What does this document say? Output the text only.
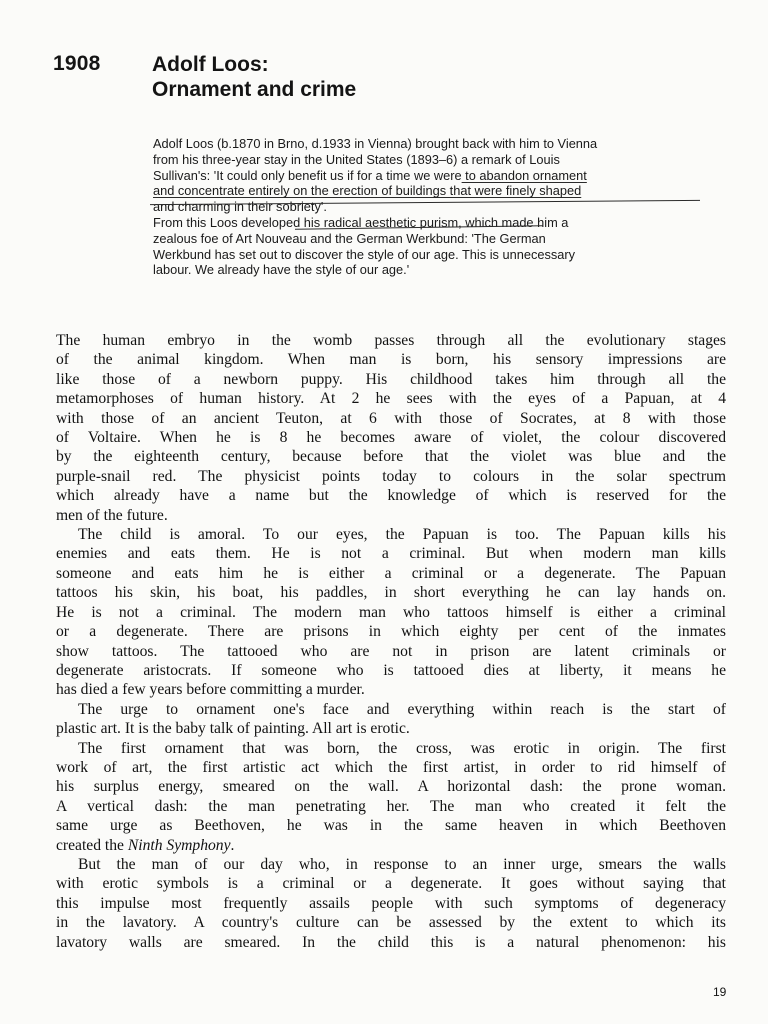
1908 Adolf Loos:
Ornament and crime
Adolf Loos (b.1870 in Brno, d.1933 in Vienna) brought back with him to Vienna
from his three-year stay in the United States (1893–6) a remark of Louis
Sullivan's: 'It could only benefit us if for a time we were to abandon ornament
and concentrate entirely on the erection of buildings that were finely shaped
and charming in their sobriety'.
From this Loos developed his radical aesthetic purism, which made him a
zealous foe of Art Nouveau and the German Werkbund: 'The German
Werkbund has set out to discover the style of our age. This is unnecessary
labour. We already have the style of our age.'
The human embryo in the womb passes through all the evolutionary stages
of the animal kingdom. When man is born, his sensory impressions are
like those of a newborn puppy. His childhood takes him through all the
metamorphoses of human history. At 2 he sees with the eyes of a Papuan, at 4
with those of an ancient Teuton, at 6 with those of Socrates, at 8 with those
of Voltaire. When he is 8 he becomes aware of violet, the colour discovered
by the eighteenth century, because before that the violet was blue and the
purple-snail red. The physicist points today to colours in the solar spectrum
which already have a name but the knowledge of which is reserved for the
men of the future.
The child is amoral. To our eyes, the Papuan is too. The Papuan kills his
enemies and eats them. He is not a criminal. But when modern man kills
someone and eats him he is either a criminal or a degenerate. The Papuan
tattoos his skin, his boat, his paddles, in short everything he can lay hands on.
He is not a criminal. The modern man who tattoos himself is either a criminal
or a degenerate. There are prisons in which eighty per cent of the inmates
show tattoos. The tattooed who are not in prison are latent criminals or
degenerate aristocrats. If someone who is tattooed dies at liberty, it means he
has died a few years before committing a murder.
The urge to ornament one's face and everything within reach is the start of
plastic art. It is the baby talk of painting. All art is erotic.
The first ornament that was born, the cross, was erotic in origin. The first
work of art, the first artistic act which the first artist, in order to rid himself of
his surplus energy, smeared on the wall. A horizontal dash: the prone woman.
A vertical dash: the man penetrating her. The man who created it felt the
same urge as Beethoven, he was in the same heaven in which Beethoven
created the Ninth Symphony.
But the man of our day who, in response to an inner urge, smears the walls
with erotic symbols is a criminal or a degenerate. It goes without saying that
this impulse most frequently assails people with such symptoms of degeneracy
in the lavatory. A country's culture can be assessed by the extent to which its
lavatory walls are smeared. In the child this is a natural phenomenon: his
19
